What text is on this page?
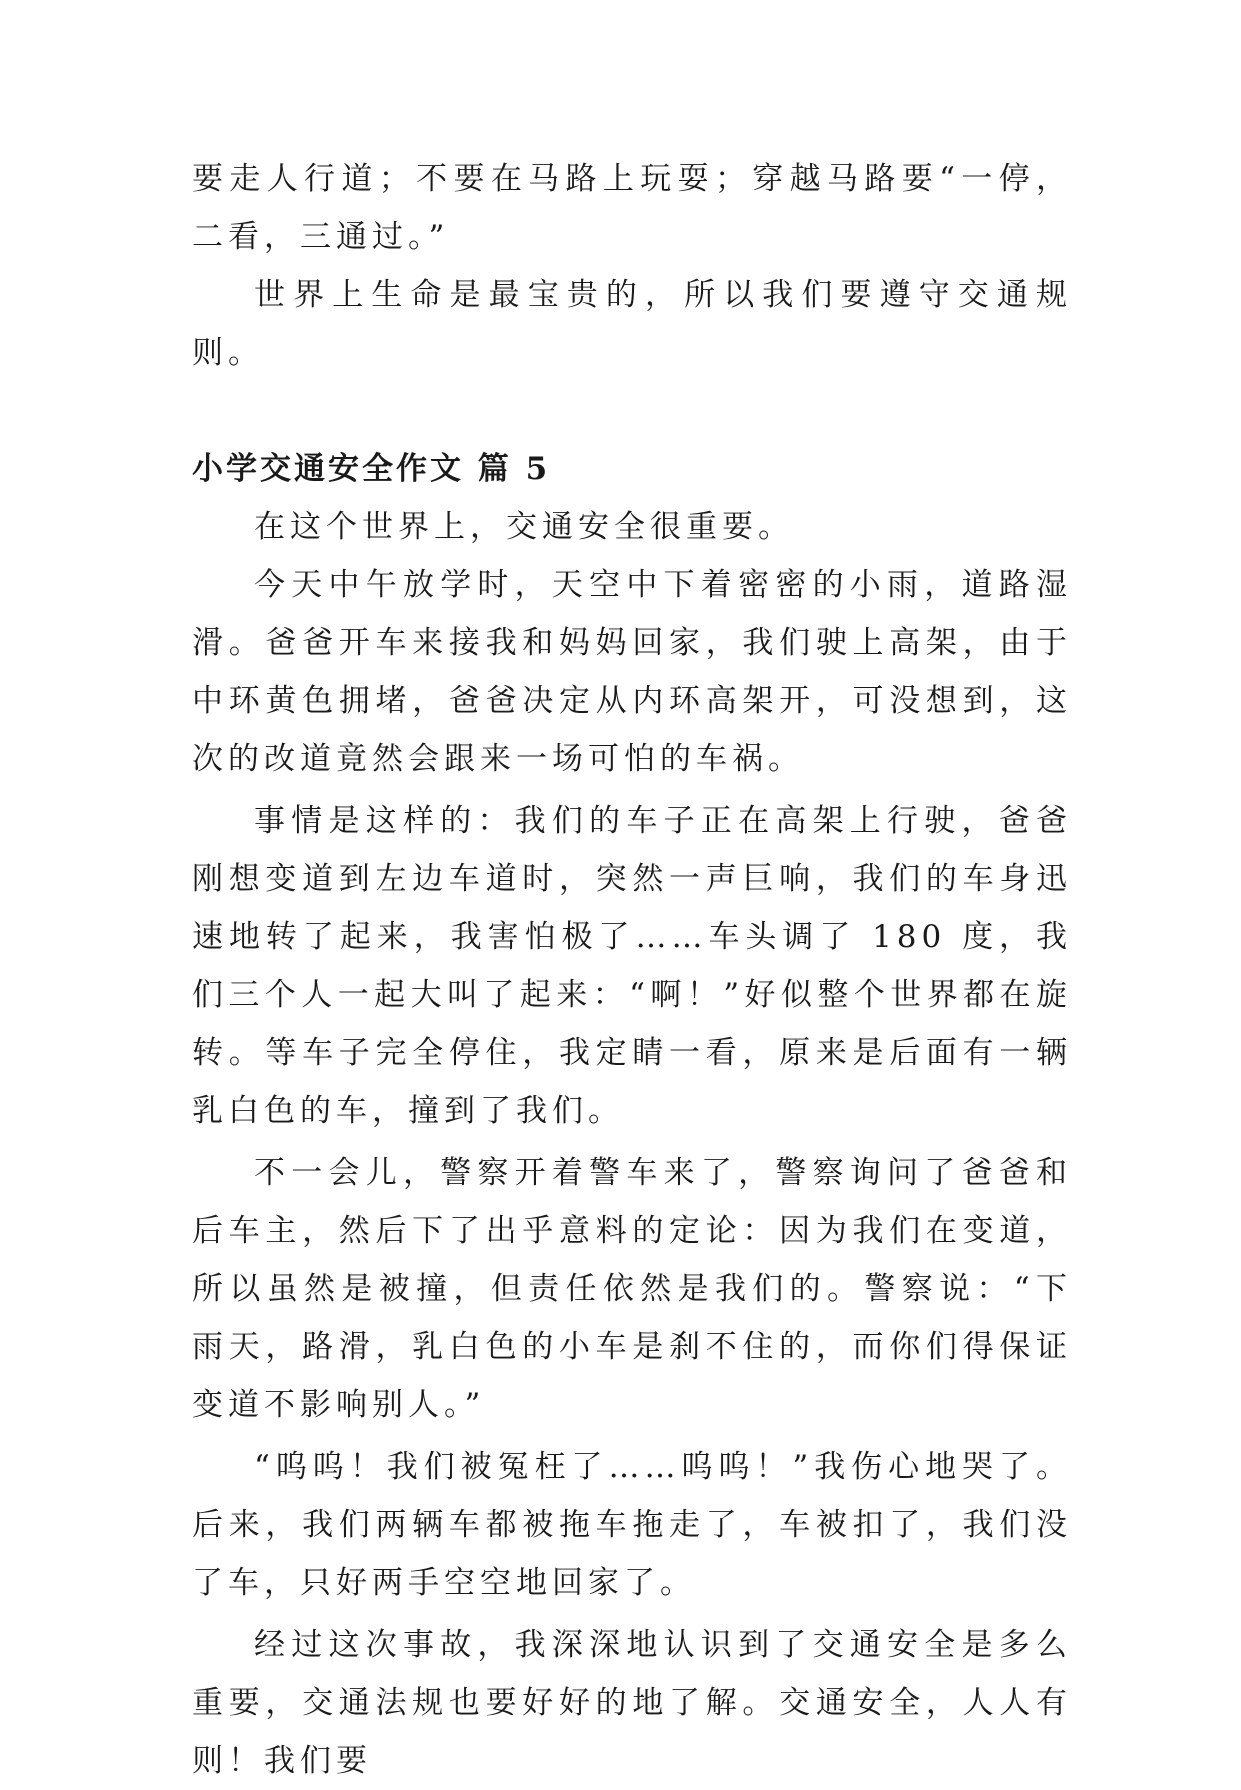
要走人行道；不要在马路上玩耍；穿越马路要“一停，二看，三通过。”

世界上生命是最宝贵的，所以我们要遵守交通规则。

小学交通安全作文 篇 5

在这个世界上，交通安全很重要。

今天中午放学时，天空中下着密密的小雨，道路湿滑。爸爸开车来接我和妈妈回家，我们驶上高架，由于中环黄色拥堵，爸爸决定从内环高架开，可没想到，这次的改道竟然会跟来一场可怕的车祸。

事情是这样的：我们的车子正在高架上行驶，爸爸刚想变道到左边车道时，突然一声巨响，我们的车身迅速地转了起来，我害怕极了……车头调了 180 度，我们三个人一起大叫了起来：“啊！”好似整个世界都在旋转。等车子完全停住，我定睛一看，原来是后面有一辆乳白色的车，撞到了我们。

不一会儿，警察开着警车来了，警察询问了爸爸和后车主，然后下了出乎意料的定论：因为我们在变道，所以虽然是被撞，但责任依然是我们的。警察说：“下雨天，路滑，乳白色的小车是刹不住的，而你们得保证变道不影响别人。”

“呜呜！我们被冤枉了……呜呜！”我伤心地哭了。后来，我们两辆车都被拖车拖走了，车被扣了，我们没了车，只好两手空空地回家了。

经过这次事故，我深深地认识到了交通安全是多么重要，交通法规也要好好的地了解。交通安全，人人有则！我们要
